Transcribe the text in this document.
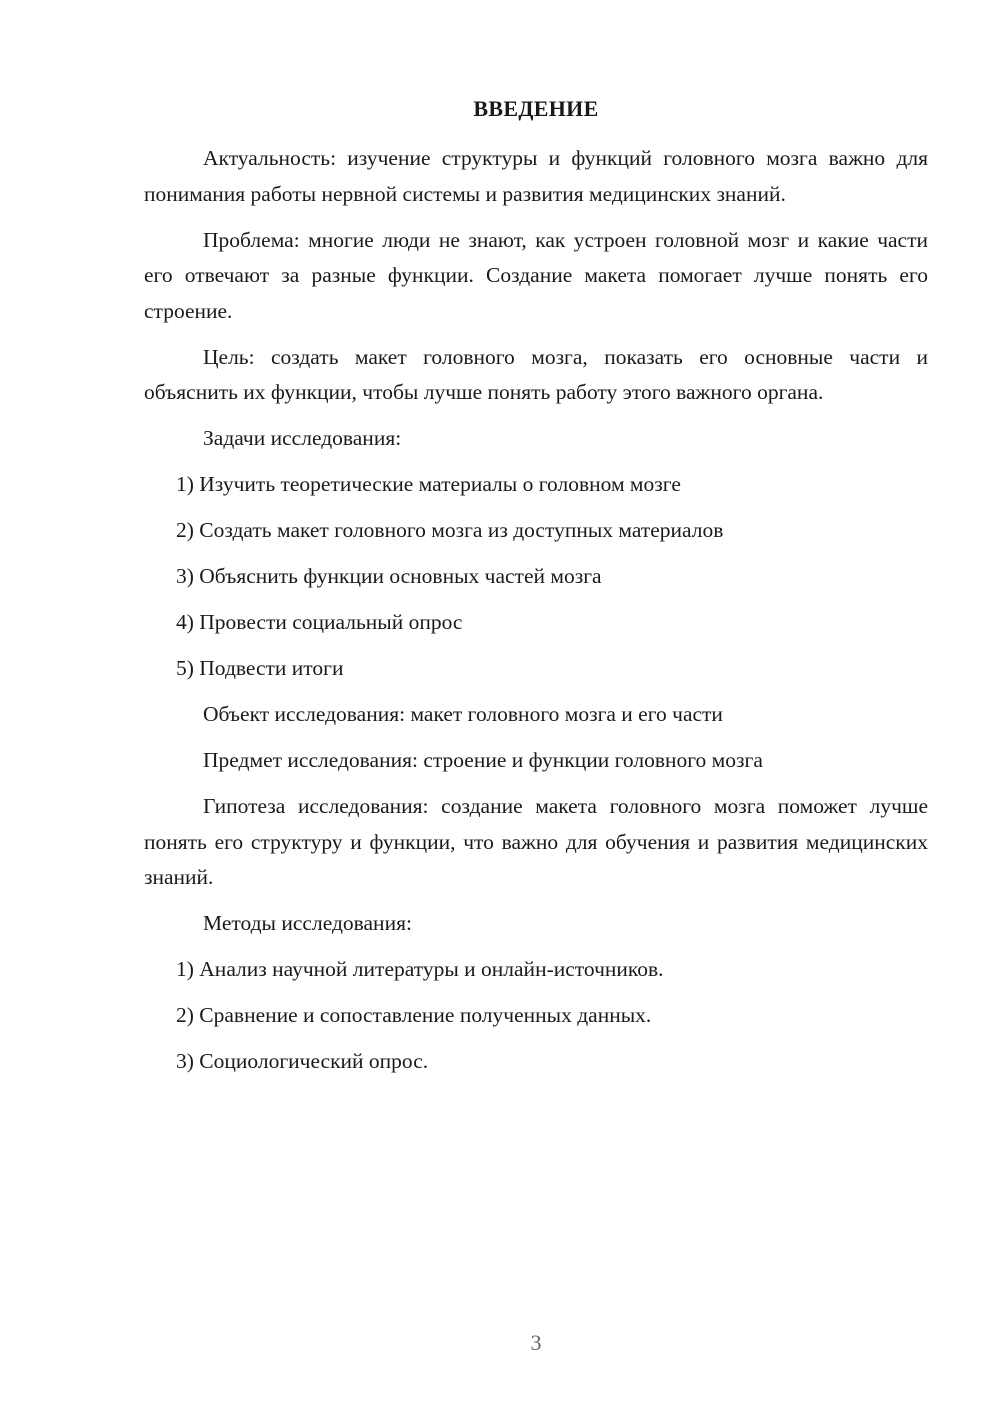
ВВЕДЕНИЕ

Актуальность: изучение структуры и функций головного мозга важно для понимания работы нервной системы и развития медицинских знаний.

Проблема: многие люди не знают, как устроен головной мозг и какие части его отвечают за разные функции. Создание макета помогает лучше понять его строение.

Цель: создать макет головного мозга, показать его основные части и объяснить их функции, чтобы лучше понять работу этого важного органа.

Задачи исследования:

1) Изучить теоретические материалы о головном мозге
2) Создать макет головного мозга из доступных материалов
3) Объяснить функции основных частей мозга
4) Провести социальный опрос
5) Подвести итоги

Объект исследования: макет головного мозга и его части

Предмет исследования: строение и функции головного мозга

Гипотеза исследования: создание макета головного мозга поможет лучше понять его структуру и функции, что важно для обучения и развития медицинских знаний.

Методы исследования:

1) Анализ научной литературы и онлайн-источников.
2) Сравнение и сопоставление полученных данных.
3) Социологический опрос.
3
